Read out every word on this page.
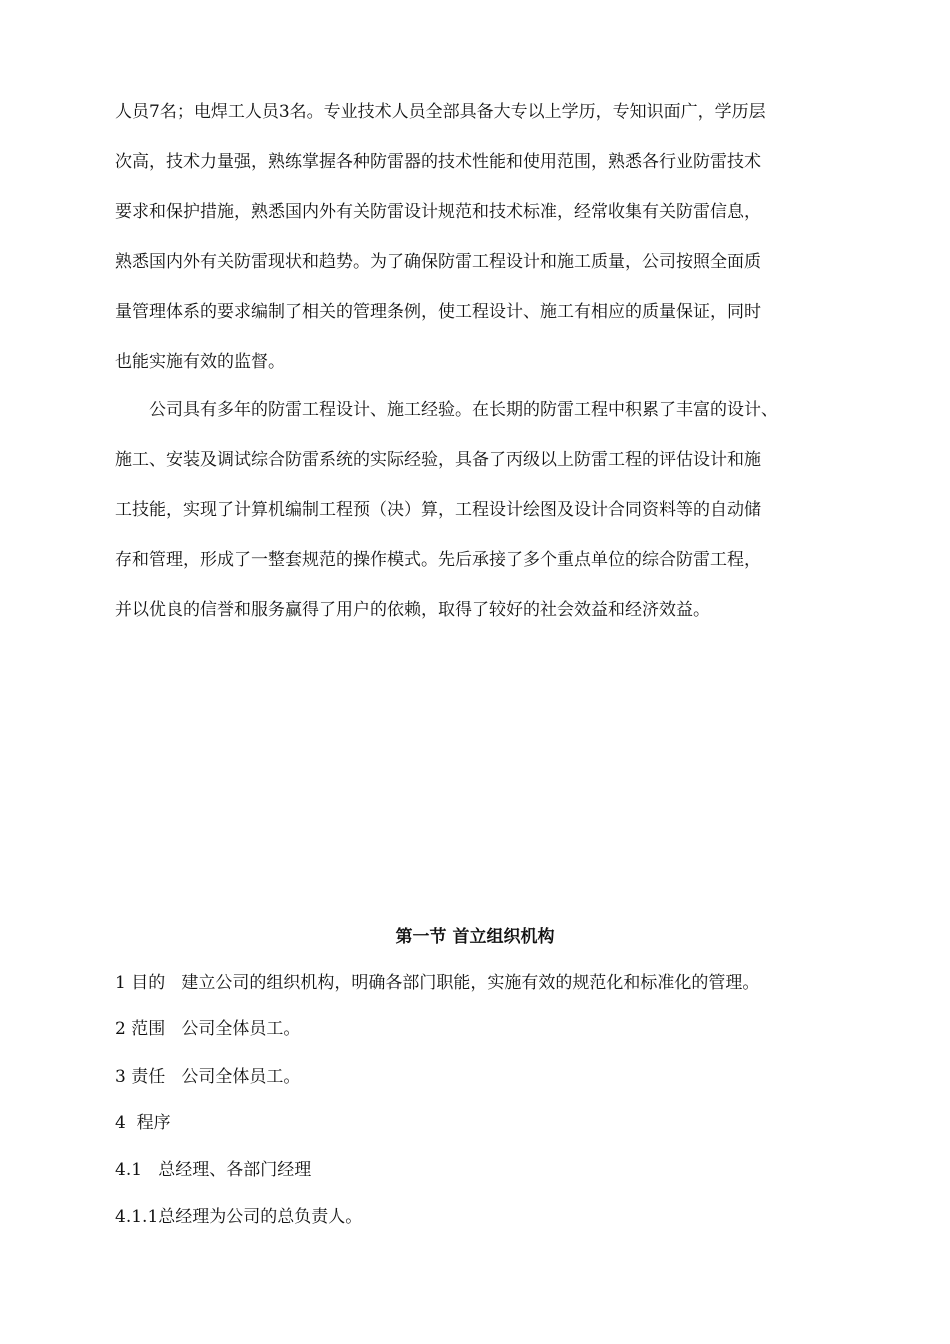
人员7名；电焊工人员3名。专业技术人员全部具备大专以上学历，专知识面广，学历层
次高，技术力量强，熟练掌握各种防雷器的技术性能和使用范围，熟悉各行业防雷技术
要求和保护措施，熟悉国内外有关防雷设计规范和技术标准，经常收集有关防雷信息，
熟悉国内外有关防雷现状和趋势。为了确保防雷工程设计和施工质量，公司按照全面质
量管理体系的要求编制了相关的管理条例，使工程设计、施工有相应的质量保证，同时
也能实施有效的监督。
公司具有多年的防雷工程设计、施工经验。在长期的防雷工程中积累了丰富的设计、
施工、安装及调试综合防雷系统的实际经验，具备了丙级以上防雷工程的评估设计和施
工技能，实现了计算机编制工程预（决）算，工程设计绘图及设计合同资料等的自动储
存和管理，形成了一整套规范的操作模式。先后承接了多个重点单位的综合防雷工程，
并以优良的信誉和服务赢得了用户的依赖，取得了较好的社会效益和经济效益。
第一节 首立组织机构

1 目的   建立公司的组织机构，明确各部门职能，实施有效的规范化和标准化的管理。

2 范围   公司全体员工。

3 责任   公司全体员工。

4  程序

4.1   总经理、各部门经理

4.1.1总经理为公司的总负责人。
